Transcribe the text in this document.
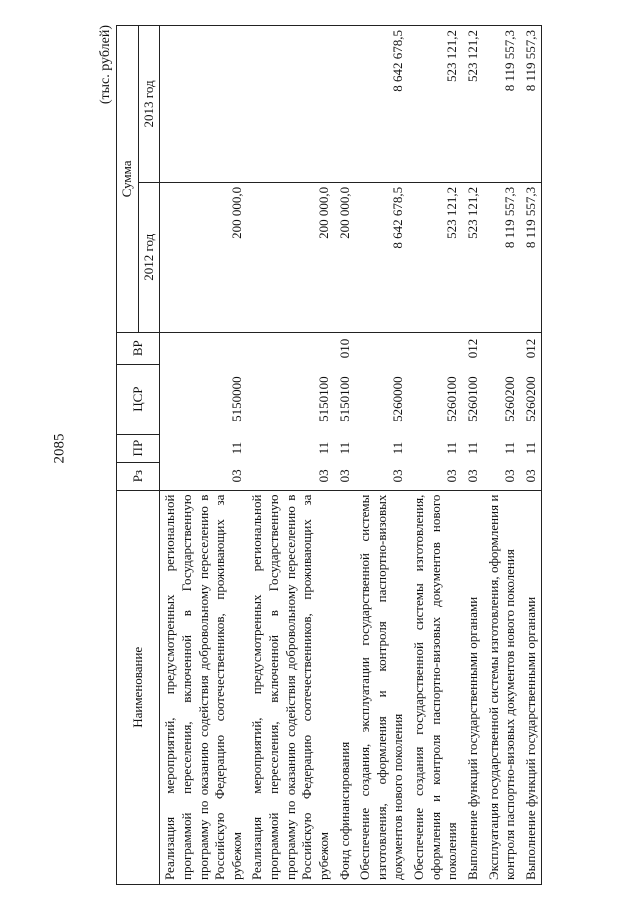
2085
(тыс. рублей)
Наименование	Рз	ПР	ЦСР	ВР	Сумма	
					2012 год	2013 год
Реализация мероприятий, предусмотренных региональной программой переселения, включенной в Государственную программу по оказанию содействия добровольному переселению в Российскую Федерацию соотечественников, проживающих за рубежом	03	11	5150000		200 000,0	
Реализация мероприятий, предусмотренных региональной программой переселения, включенной в Государственную программу по оказанию содействия добровольному переселению в Российскую Федерацию соотечественников, проживающих за рубежом	03	11	5150100		200 000,0	
Фонд софинансирования	03	11	5150100	010	200 000,0	
Обеспечение создания, эксплуатации государственной системы изготовления, оформления и контроля паспортно-визовых документов нового поколения	03	11	5260000		8 642 678,5	8 642 678,5
Обеспечение создания государственной системы изготовления, оформления и контроля паспортно-визовых документов нового поколения	03	11	5260100		523 121,2	523 121,2
Выполнение функций государственными органами	03	11	5260100	012	523 121,2	523 121,2
Эксплуатация государственной системы изготовления, оформления и контроля паспортно-визовых документов нового поколения	03	11	5260200		8 119 557,3	8 119 557,3
Выполнение функций государственными органами	03	11	5260200	012	8 119 557,3	8 119 557,3
